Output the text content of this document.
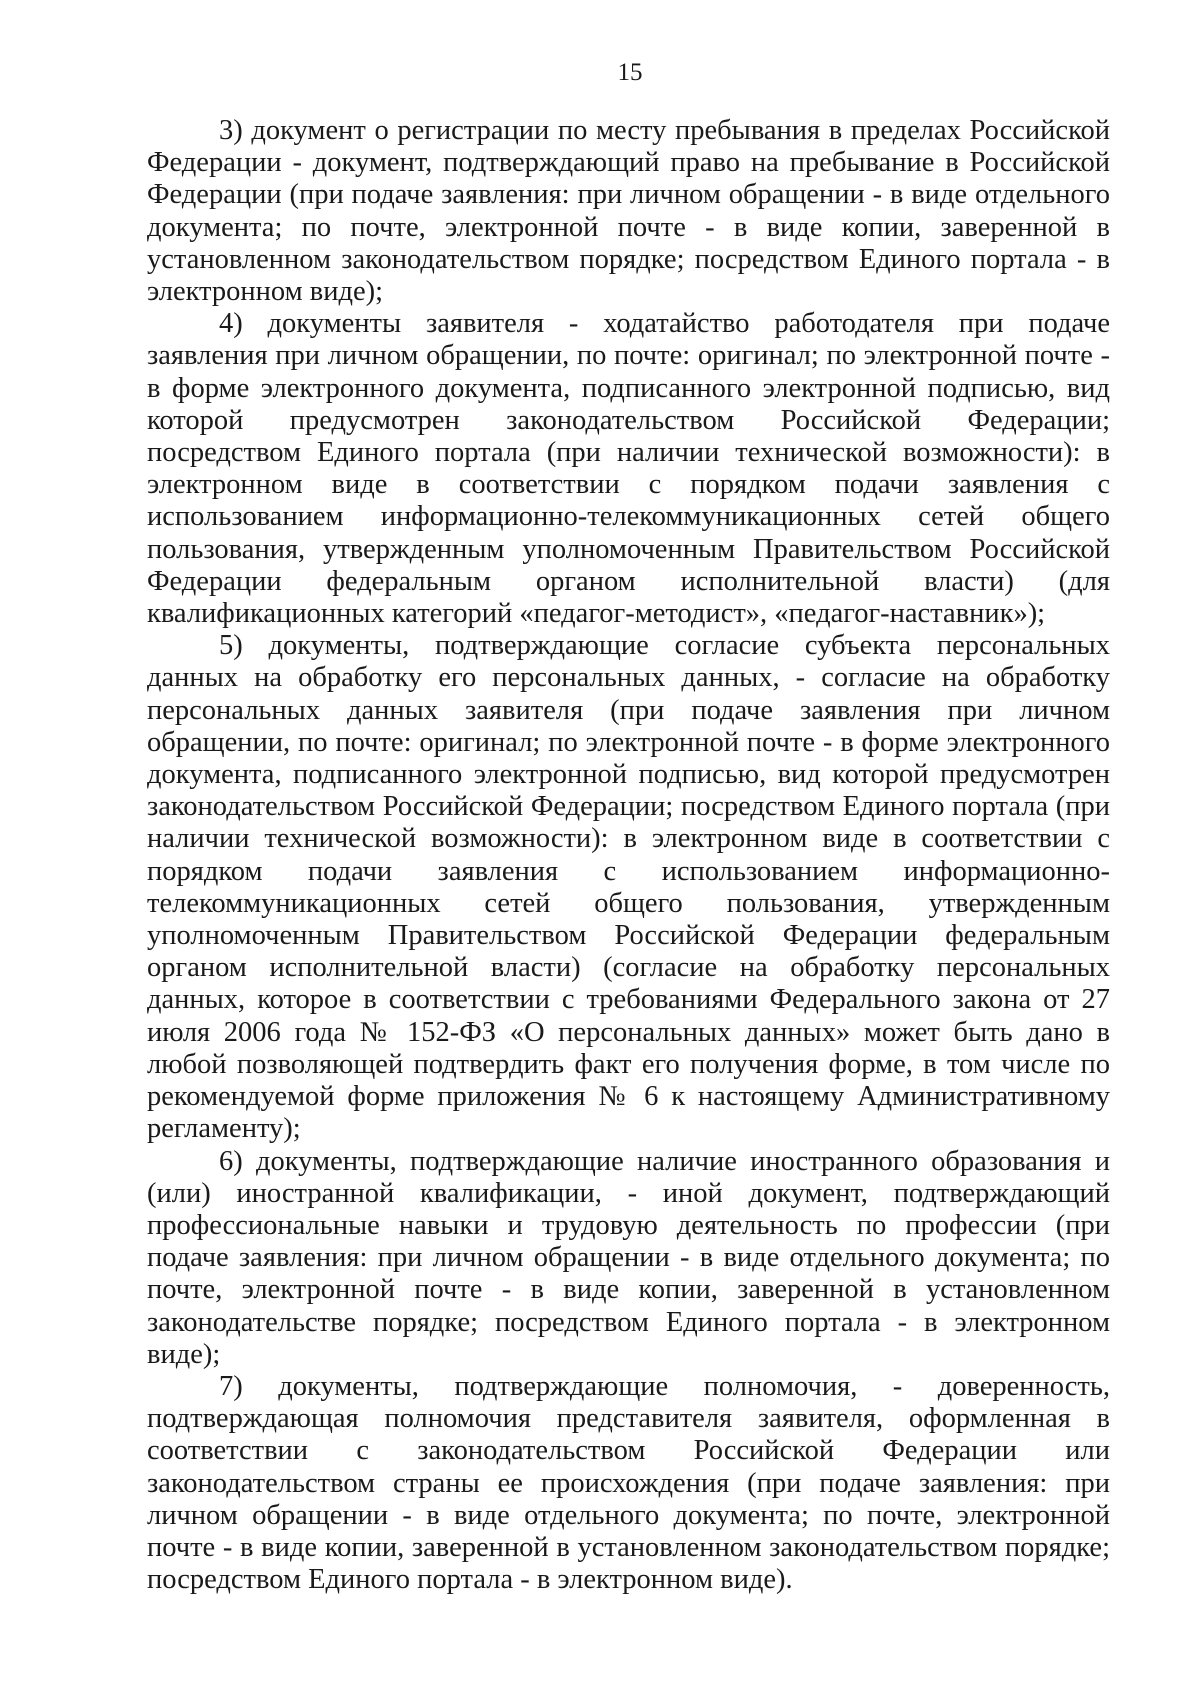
15

3) документ о регистрации по месту пребывания в пределах Российской Федерации - документ, подтверждающий право на пребывание в Российской Федерации (при подаче заявления: при личном обращении - в виде отдельного документа; по почте, электронной почте - в виде копии, заверенной в установленном законодательством порядке; посредством Единого портала - в электронном виде);

4) документы заявителя - ходатайство работодателя при подаче заявления при личном обращении, по почте: оригинал; по электронной почте - в форме электронного документа, подписанного электронной подписью, вид которой предусмотрен законодательством Российской Федерации; посредством Единого портала (при наличии технической возможности): в электронном виде в соответствии с порядком подачи заявления с использованием информационно-телекоммуникационных сетей общего пользования, утвержденным уполномоченным Правительством Российской Федерации федеральным органом исполнительной власти) (для квалификационных категорий «педагог-методист», «педагог-наставник»);

5) документы, подтверждающие согласие субъекта персональных данных на обработку его персональных данных, - согласие на обработку персональных данных заявителя (при подаче заявления при личном обращении, по почте: оригинал; по электронной почте - в форме электронного документа, подписанного электронной подписью, вид которой предусмотрен законодательством Российской Федерации; посредством Единого портала (при наличии технической возможности): в электронном виде в соответствии с порядком подачи заявления с использованием информационно-телекоммуникационных сетей общего пользования, утвержденным уполномоченным Правительством Российской Федерации федеральным органом исполнительной власти) (согласие на обработку персональных данных, которое в соответствии с требованиями Федерального закона от 27 июля 2006 года № 152-ФЗ «О персональных данных» может быть дано в любой позволяющей подтвердить факт его получения форме, в том числе по рекомендуемой форме приложения № 6 к настоящему Административному регламенту);

6) документы, подтверждающие наличие иностранного образования и (или) иностранной квалификации, - иной документ, подтверждающий профессиональные навыки и трудовую деятельность по профессии (при подаче заявления: при личном обращении - в виде отдельного документа; по почте, электронной почте - в виде копии, заверенной в установленном законодательстве порядке; посредством Единого портала - в электронном виде);

7) документы, подтверждающие полномочия, - доверенность, подтверждающая полномочия представителя заявителя, оформленная в соответствии с законодательством Российской Федерации или законодательством страны ее происхождения (при подаче заявления: при личном обращении - в виде отдельного документа; по почте, электронной почте - в виде копии, заверенной в установленном законодательством порядке; посредством Единого портала - в электронном виде).
